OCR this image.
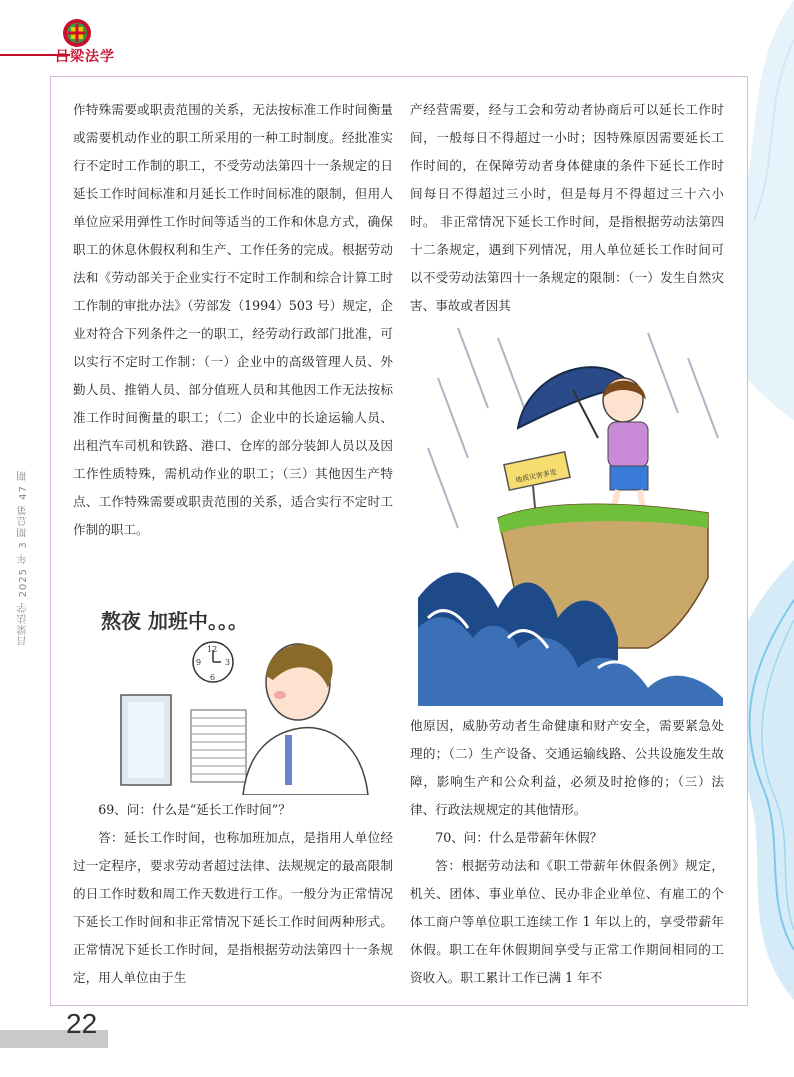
吕梁法学
吕梁法学 2025 年 3 期总第 47 期

作特殊需要或职责范围的关系，无法按标准工作时间衡量或需要机动作业的职工所采用的一种工时制度。经批准实行不定时工作制的职工，不受劳动法第四十一条规定的日延长工作时间标准和月延长工作时间标准的限制，但用人单位应采用弹性工作时间等适当的工作和休息方式，确保职工的休息休假权利和生产、工作任务的完成。根据劳动法和《劳动部关于企业实行不定时工作制和综合计算工时工作制的审批办法》（劳部发（1994）503 号）规定，企业对符合下列条件之一的职工，经劳动行政部门批准，可以实行不定时工作制：（一）企业中的高级管理人员、外勤人员、推销人员、部分值班人员和其他因工作无法按标准工作时间衡量的职工；（二）企业中的长途运输人员、出租汽车司机和铁路、港口、仓库的部分装卸人员以及因工作性质特殊，需机动作业的职工；（三）其他因生产特点、工作特殊需要或职责范围的关系，适合实行不定时工作制的职工。

熬夜 加班中。。。
12
3
6
9

69、问：什么是“延长工作时间”？

答：延长工作时间，也称加班加点，是指用人单位经过一定程序，要求劳动者超过法律、法规规定的最高限制的日工作时数和周工作天数进行工作。一般分为正常情况下延长工作时间和非正常情况下延长工作时间两种形式。正常情况下延长工作时间，是指根据劳动法第四十一条规定，用人单位由于生

产经营需要，经与工会和劳动者协商后可以延长工作时间，一般每日不得超过一小时；因特殊原因需要延长工作时间的，在保障劳动者身体健康的条件下延长工作时间每日不得超过三小时，但是每月不得超过三十六小时。 非正常情况下延长工作时间，是指根据劳动法第四十二条规定，遇到下列情况，用人单位延长工作时间可以不受劳动法第四十一条规定的限制：（一）发生自然灾害、事故或者因其

地质灾害多发

他原因，威胁劳动者生命健康和财产安全，需要紧急处理的；（二）生产设备、交通运输线路、公共设施发生故障，影响生产和公众利益，必须及时抢修的；（三）法律、行政法规规定的其他情形。

70、问：什么是带薪年休假？

答：根据劳动法和《职工带薪年休假条例》规定，机关、团体、事业单位、民办非企业单位、有雇工的个体工商户等单位职工连续工作 1 年以上的，享受带薪年休假。职工在年休假期间享受与正常工作期间相同的工资收入。职工累计工作已满 1 年不

22
